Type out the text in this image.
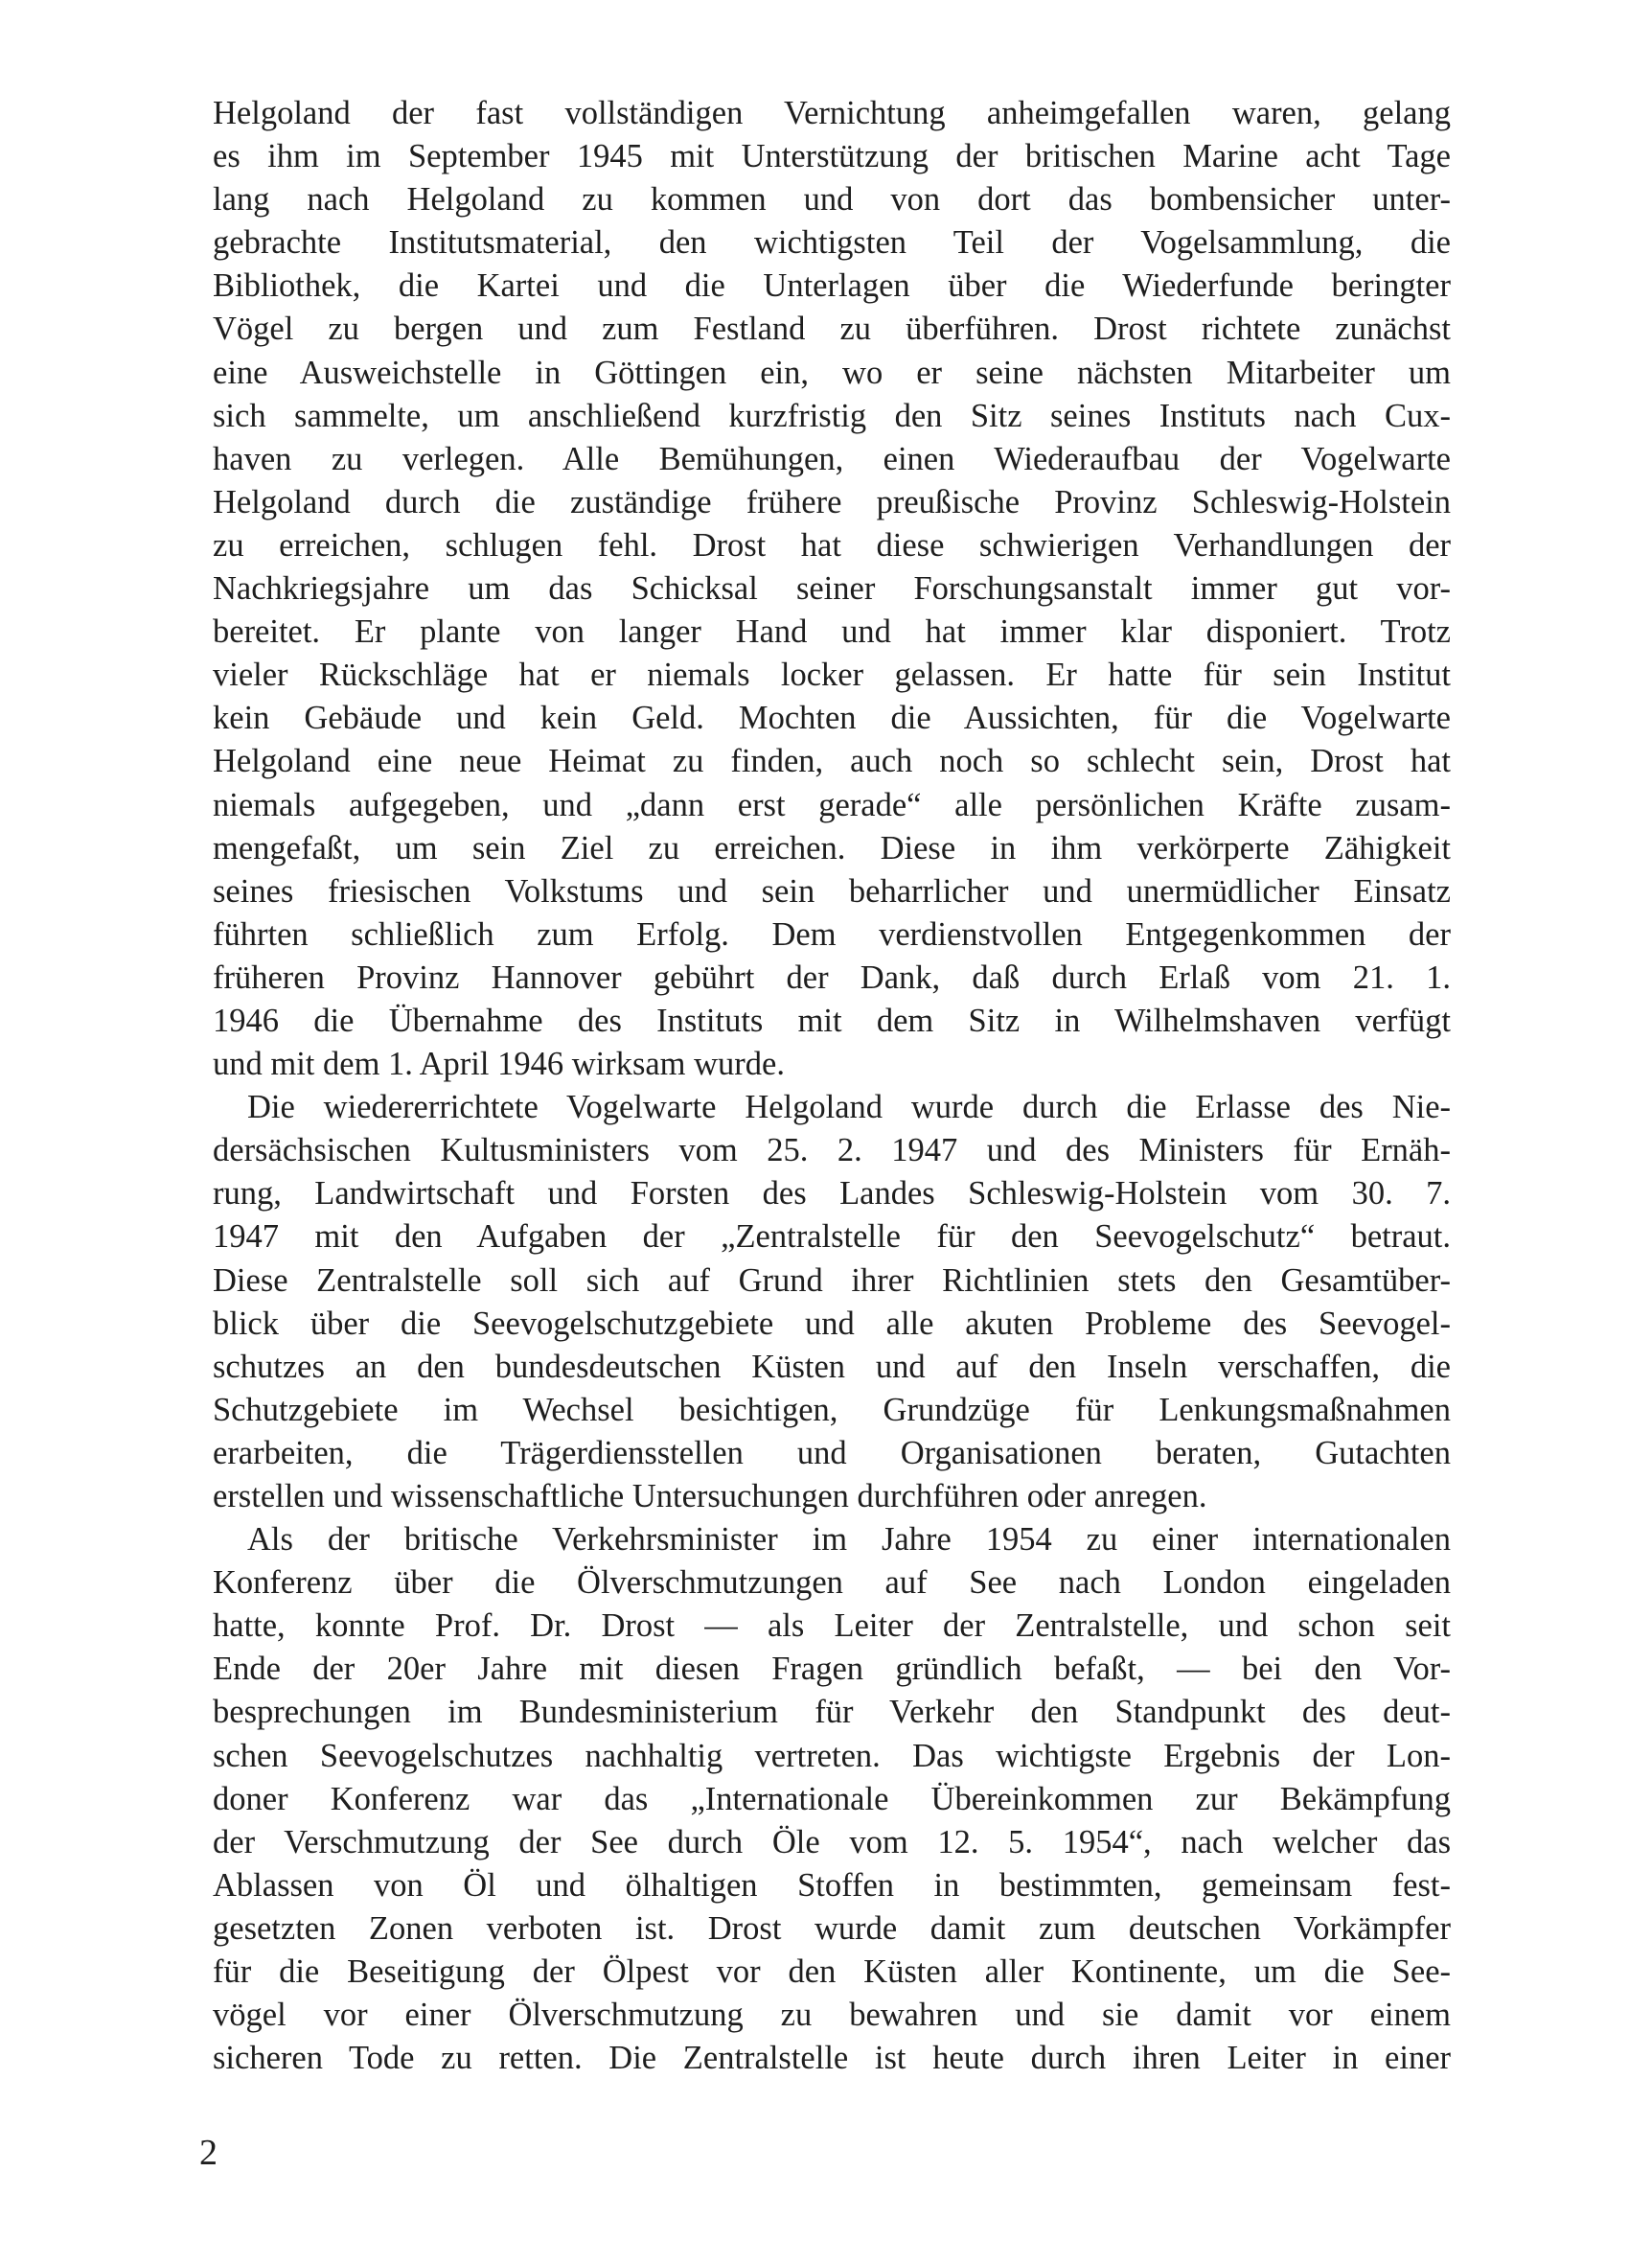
Helgoland der fast vollständigen Vernichtung anheimgefallen waren, gelang
es ihm im September 1945 mit Unterstützung der britischen Marine acht Tage
lang nach Helgoland zu kommen und von dort das bombensicher unter-
gebrachte Institutsmaterial, den wichtigsten Teil der Vogelsammlung, die
Bibliothek, die Kartei und die Unterlagen über die Wiederfunde beringter
Vögel zu bergen und zum Festland zu überführen. Drost richtete zunächst
eine Ausweichstelle in Göttingen ein, wo er seine nächsten Mitarbeiter um
sich sammelte, um anschließend kurzfristig den Sitz seines Instituts nach Cux-
haven zu verlegen. Alle Bemühungen, einen Wiederaufbau der Vogelwarte
Helgoland durch die zuständige frühere preußische Provinz Schleswig-Holstein
zu erreichen, schlugen fehl. Drost hat diese schwierigen Verhandlungen der
Nachkriegsjahre um das Schicksal seiner Forschungsanstalt immer gut vor-
bereitet. Er plante von langer Hand und hat immer klar disponiert. Trotz
vieler Rückschläge hat er niemals locker gelassen. Er hatte für sein Institut
kein Gebäude und kein Geld. Mochten die Aussichten, für die Vogelwarte
Helgoland eine neue Heimat zu finden, auch noch so schlecht sein, Drost hat
niemals aufgegeben, und „dann erst gerade“ alle persönlichen Kräfte zusam-
mengefaßt, um sein Ziel zu erreichen. Diese in ihm verkörperte Zähigkeit
seines friesischen Volkstums und sein beharrlicher und unermüdlicher Einsatz
führten schließlich zum Erfolg. Dem verdienstvollen Entgegenkommen der
früheren Provinz Hannover gebührt der Dank, daß durch Erlaß vom 21. 1.
1946 die Übernahme des Instituts mit dem Sitz in Wilhelmshaven verfügt
und mit dem 1. April 1946 wirksam wurde.
Die wiedererrichtete Vogelwarte Helgoland wurde durch die Erlasse des Nie-
dersächsischen Kultusministers vom 25. 2. 1947 und des Ministers für Ernäh-
rung, Landwirtschaft und Forsten des Landes Schleswig-Holstein vom 30. 7.
1947 mit den Aufgaben der „Zentralstelle für den Seevogelschutz“ betraut.
Diese Zentralstelle soll sich auf Grund ihrer Richtlinien stets den Gesamtüber-
blick über die Seevogelschutzgebiete und alle akuten Probleme des Seevogel-
schutzes an den bundesdeutschen Küsten und auf den Inseln verschaffen, die
Schutzgebiete im Wechsel besichtigen, Grundzüge für Lenkungsmaßnahmen
erarbeiten, die Trägerdiensstellen und Organisationen beraten, Gutachten
erstellen und wissenschaftliche Untersuchungen durchführen oder anregen.
Als der britische Verkehrsminister im Jahre 1954 zu einer internationalen
Konferenz über die Ölverschmutzungen auf See nach London eingeladen
hatte, konnte Prof. Dr. Drost — als Leiter der Zentralstelle, und schon seit
Ende der 20er Jahre mit diesen Fragen gründlich befaßt, — bei den Vor-
besprechungen im Bundesministerium für Verkehr den Standpunkt des deut-
schen Seevogelschutzes nachhaltig vertreten. Das wichtigste Ergebnis der Lon-
doner Konferenz war das „Internationale Übereinkommen zur Bekämpfung
der Verschmutzung der See durch Öle vom 12. 5. 1954“, nach welcher das
Ablassen von Öl und ölhaltigen Stoffen in bestimmten, gemeinsam fest-
gesetzten Zonen verboten ist. Drost wurde damit zum deutschen Vorkämpfer
für die Beseitigung der Ölpest vor den Küsten aller Kontinente, um die See-
vögel vor einer Ölverschmutzung zu bewahren und sie damit vor einem
sicheren Tode zu retten. Die Zentralstelle ist heute durch ihren Leiter in einer
2
